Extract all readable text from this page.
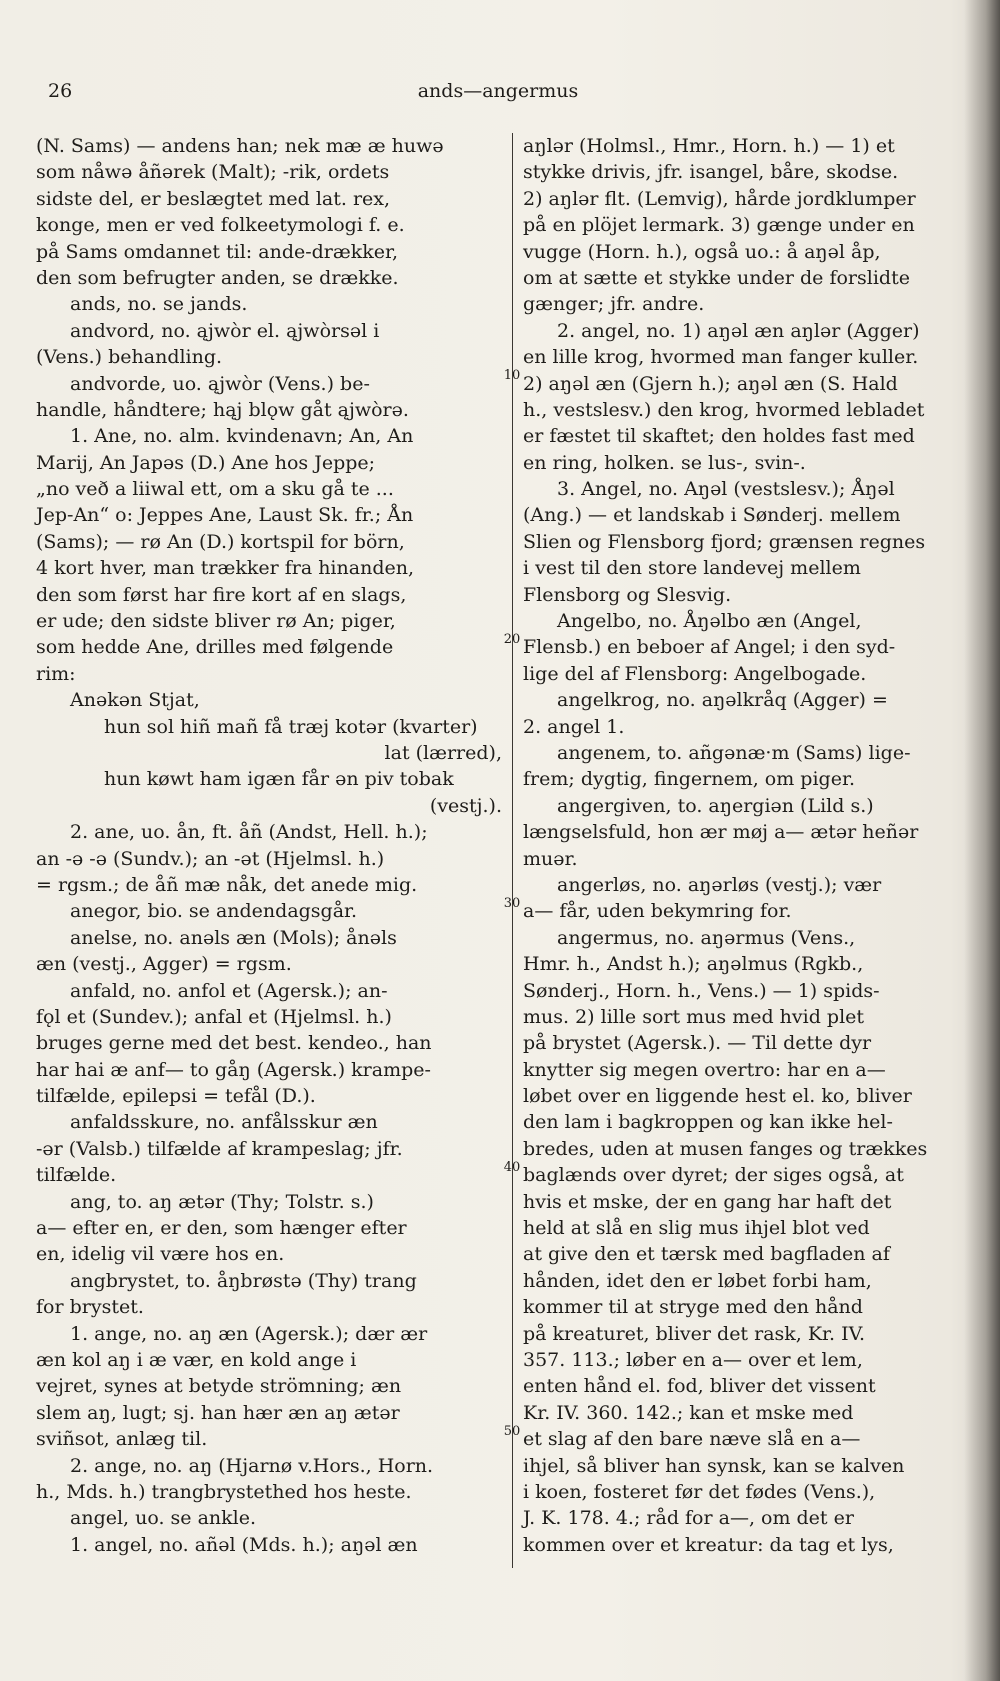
26	ands—angermus
(N. Sams) — andens han; nek mæ æ huwə
som nåwə åñərek (Malt); -rik, ordets
sidste del, er beslægtet med lat. rex,
konge, men er ved folkeetymologi f. e.
på Sams omdannet til: ande-drækker,
den som befrugter anden, se drække.
ands, no. se jands.
andvord, no. ąjwòr el. ąjwòrsəl i
(Vens.) behandling.
andvorde, uo. ąjwòr (Vens.) be-
handle, håndtere; hąj blǫw gåt ąjwòrə.
1. Ane, no. alm. kvindenavn; An, An
Marij, An Japəs (D.) Ane hos Jeppe;
„no veð a liiwal ett, om a sku gå te ...
Jep-An“ o: Jeppes Ane, Laust Sk. fr.; Ån
(Sams); — rø An (D.) kortspil for börn,
4 kort hver, man trækker fra hinanden,
den som først har fire kort af en slags,
er ude; den sidste bliver rø An; piger,
som hedde Ane, drilles med følgende
rim:
Anəkən Stjat,
hun sol hiñ mañ få træj kotər (kvarter)
lat (lærred),
hun køwt ham igæn får ən piv tobak
(vestj.).
2. ane, uo. ån, ft. åñ (Andst, Hell. h.);
an -ə -ə (Sundv.); an -ət (Hjelmsl. h.)
= rgsm.; de åñ mæ nåk, det anede mig.
anegor, bio. se andendagsgår.
anelse, no. anəls æn (Mols); ånəls
æn (vestj., Agger) = rgsm.
anfald, no. anfol et (Agersk.); an-
fǫl et (Sundev.); anfal et (Hjelmsl. h.)
bruges gerne med det best. kendeo., han
har hai æ anf— to gåŋ (Agersk.) krampe-
tilfælde, epilepsi = tefål (D.).
anfaldsskure, no. anfålsskur æn
-ər (Valsb.) tilfælde af krampeslag; jfr.
tilfælde.
ang, to. aŋ ætər (Thy; Tolstr. s.)
a— efter en, er den, som hænger efter
en, idelig vil være hos en.
angbrystet, to. åŋbrøstə (Thy) trang
for brystet.
1. ange, no. aŋ æn (Agersk.); dær ær
æn kol aŋ i æ vær, en kold ange i
vejret, synes at betyde strömning; æn
slem aŋ, lugt; sj. han hær æn aŋ ætər
sviñsot, anlæg til.
2. ange, no. aŋ (Hjarnø v.Hors., Horn.
h., Mds. h.) trangbrystethed hos heste.
angel, uo. se ankle.
1. angel, no. añəl (Mds. h.); aŋəl æn
aŋlər (Holmsl., Hmr., Horn. h.) — 1) et
stykke drivis, jfr. isangel, båre, skodse.
2) aŋlər flt. (Lemvig), hårde jordklumper
på en plöjet lermark. 3) gænge under en
vugge (Horn. h.), også uo.: å aŋəl åp,
om at sætte et stykke under de forslidte
gænger; jfr. andre.
2. angel, no. 1) aŋəl æn aŋlər (Agger)
en lille krog, hvormed man fanger kuller.
2) aŋəl æn (Gjern h.); aŋəl æn (S. Hald
h., vestslesv.) den krog, hvormed lebladet
er fæstet til skaftet; den holdes fast med
en ring, holken. se lus-, svin-.
3. Angel, no. Aŋəl (vestslesv.); Åŋəl
(Ang.) — et landskab i Sønderj. mellem
Slien og Flensborg fjord; grænsen regnes
i vest til den store landevej mellem
Flensborg og Slesvig.
Angelbo, no. Åŋəlbo æn (Angel,
Flensb.) en beboer af Angel; i den syd-
lige del af Flensborg: Angelbogade.
angelkrog, no. aŋəlkråq (Agger) =
2. angel 1.
angenem, to. añgənæ·m (Sams) lige-
frem; dygtig, fingernem, om piger.
angergiven, to. aŋergiən (Lild s.)
længselsfuld, hon ær møj a— ætər heñər
muər.
angerløs, no. aŋərløs (vestj.); vær
a— får, uden bekymring for.
angermus, no. aŋərmus (Vens.,
Hmr. h., Andst h.); aŋəlmus (Rgkb.,
Sønderj., Horn. h., Vens.) — 1) spids-
mus. 2) lille sort mus med hvid plet
på brystet (Agersk.). — Til dette dyr
knytter sig megen overtro: har en a—
løbet over en liggende hest el. ko, bliver
den lam i bagkroppen og kan ikke hel-
bredes, uden at musen fanges og trækkes
baglænds over dyret; der siges også, at
hvis et mske, der en gang har haft det
held at slå en slig mus ihjel blot ved
at give den et tærsk med bagfladen af
hånden, idet den er løbet forbi ham,
kommer til at stryge med den hånd
på kreaturet, bliver det rask, Kr. IV.
357. 113.; løber en a— over et lem,
enten hånd el. fod, bliver det vissent
Kr. IV. 360. 142.; kan et mske med
et slag af den bare næve slå en a—
ihjel, så bliver han synsk, kan se kalven
i koen, fosteret før det fødes (Vens.),
J. K. 178. 4.; råd for a—, om det er
kommen over et kreatur: da tag et lys,
10
20
30
40
50
